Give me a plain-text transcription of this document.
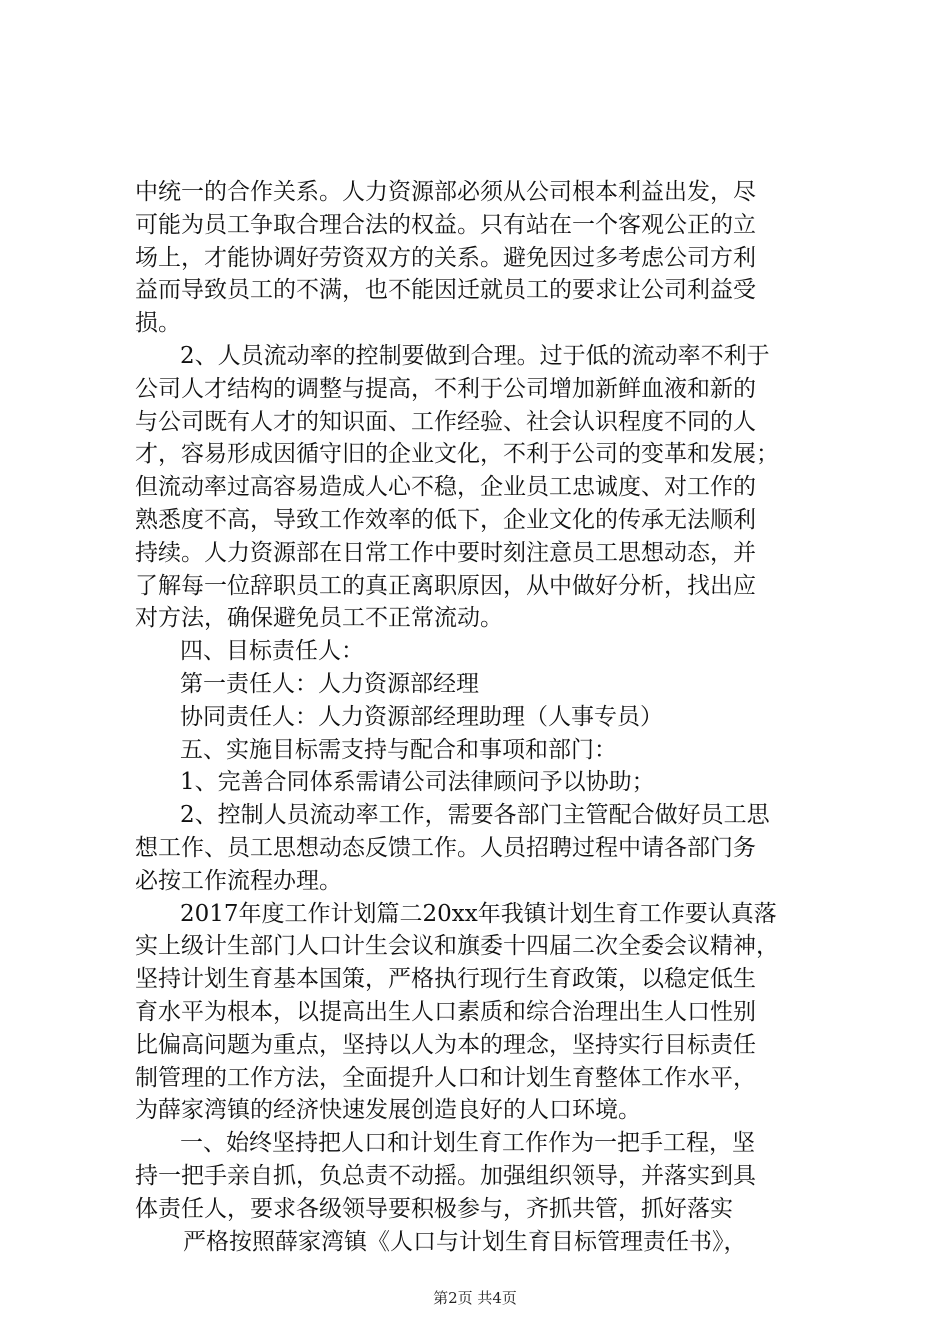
中统一的合作关系。人力资源部必须从公司根本利益出发，尽
可能为员工争取合理合法的权益。只有站在一个客观公正的立
场上，才能协调好劳资双方的关系。避免因过多考虑公司方利
益而导致员工的不满，也不能因迁就员工的要求让公司利益受
损。
2、人员流动率的控制要做到合理。过于低的流动率不利于
公司人才结构的调整与提高，不利于公司增加新鲜血液和新的
与公司既有人才的知识面、工作经验、社会认识程度不同的人
才，容易形成因循守旧的企业文化，不利于公司的变革和发展；
但流动率过高容易造成人心不稳，企业员工忠诚度、对工作的
熟悉度不高，导致工作效率的低下，企业文化的传承无法顺利
持续。人力资源部在日常工作中要时刻注意员工思想动态，并
了解每一位辞职员工的真正离职原因，从中做好分析，找出应
对方法，确保避免员工不正常流动。
四、目标责任人：
第一责任人：人力资源部经理
协同责任人：人力资源部经理助理（人事专员）
五、实施目标需支持与配合和事项和部门：
1、完善合同体系需请公司法律顾问予以协助；
2、控制人员流动率工作，需要各部门主管配合做好员工思
想工作、员工思想动态反馈工作。人员招聘过程中请各部门务
必按工作流程办理。
2017年度工作计划篇二20xx年我镇计划生育工作要认真落
实上级计生部门人口计生会议和旗委十四届二次全委会议精神，
坚持计划生育基本国策，严格执行现行生育政策，以稳定低生
育水平为根本，以提高出生人口素质和综合治理出生人口性别
比偏高问题为重点，坚持以人为本的理念，坚持实行目标责任
制管理的工作方法，全面提升人口和计划生育整体工作水平，
为薛家湾镇的经济快速发展创造良好的人口环境。
一、始终坚持把人口和计划生育工作作为一把手工程，坚
持一把手亲自抓，负总责不动摇。加强组织领导，并落实到具
体责任人，要求各级领导要积极参与，齐抓共管，抓好落实
严格按照薛家湾镇《人口与计划生育目标管理责任书》，
第2页 共4页
